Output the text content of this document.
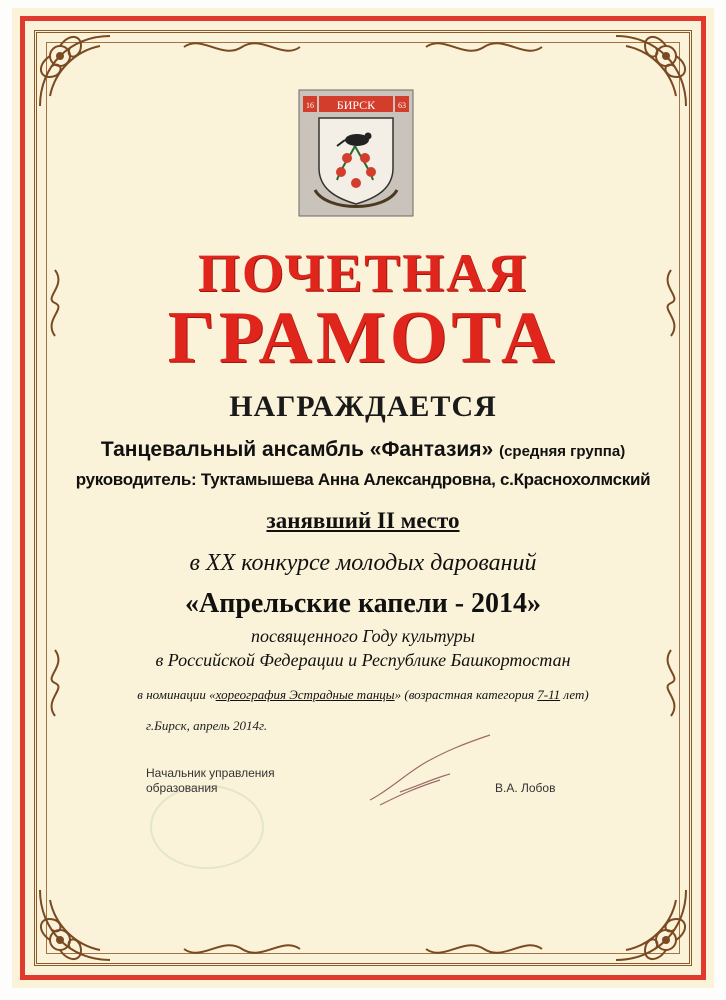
БИРСК
16	63
ПОЧЕТНАЯ
ГРАМОТА
НАГРАЖДАЕТСЯ
Танцевальный ансамбль «Фантазия» (средняя группа)
руководитель: Туктамышева Анна Александровна, с.Краснохолмский
занявший II место
в XX конкурсе молодых дарований
«Апрельские капели - 2014»
посвященного Году культуры
в Российской Федерации и Республике Башкортостан
в номинации «хореография Эстрадные танцы» (возрастная категория 7-11 лет)
г.Бирск, апрель 2014г.
Начальник управления образования	В.А. Лобов
